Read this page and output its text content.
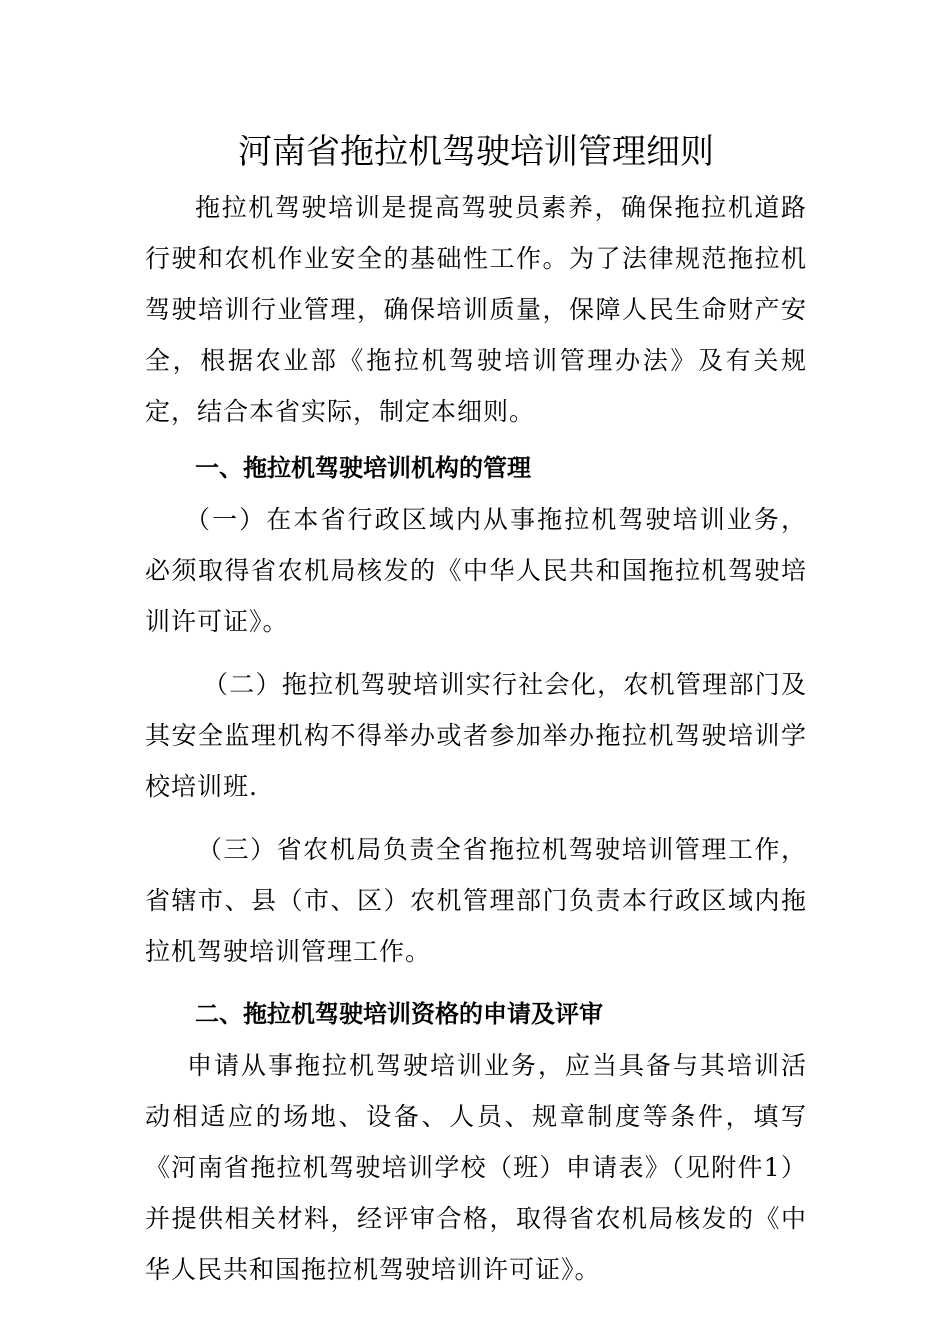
河南省拖拉机驾驶培训管理细则

拖拉机驾驶培训是提高驾驶员素养，确保拖拉机道路行驶和农机作业安全的基础性工作。为了法律规范拖拉机驾驶培训行业管理，确保培训质量，保障人民生命财产安全，根据农业部《拖拉机驾驶培训管理办法》及有关规定，结合本省实际，制定本细则。

一、拖拉机驾驶培训机构的管理

（一）在本省行政区域内从事拖拉机驾驶培训业务，必须取得省农机局核发的《中华人民共和国拖拉机驾驶培训许可证》。

（二）拖拉机驾驶培训实行社会化，农机管理部门及其安全监理机构不得举办或者参加举办拖拉机驾驶培训学校培训班.

（三）省农机局负责全省拖拉机驾驶培训管理工作，省辖市、县（市、区）农机管理部门负责本行政区域内拖拉机驾驶培训管理工作。

二、拖拉机驾驶培训资格的申请及评审

申请从事拖拉机驾驶培训业务，应当具备与其培训活动相适应的场地、设备、人员、规章制度等条件，填写《河南省拖拉机驾驶培训学校（班）申请表》（见附件1）并提供相关材料，经评审合格，取得省农机局核发的《中华人民共和国拖拉机驾驶培训许可证》。
